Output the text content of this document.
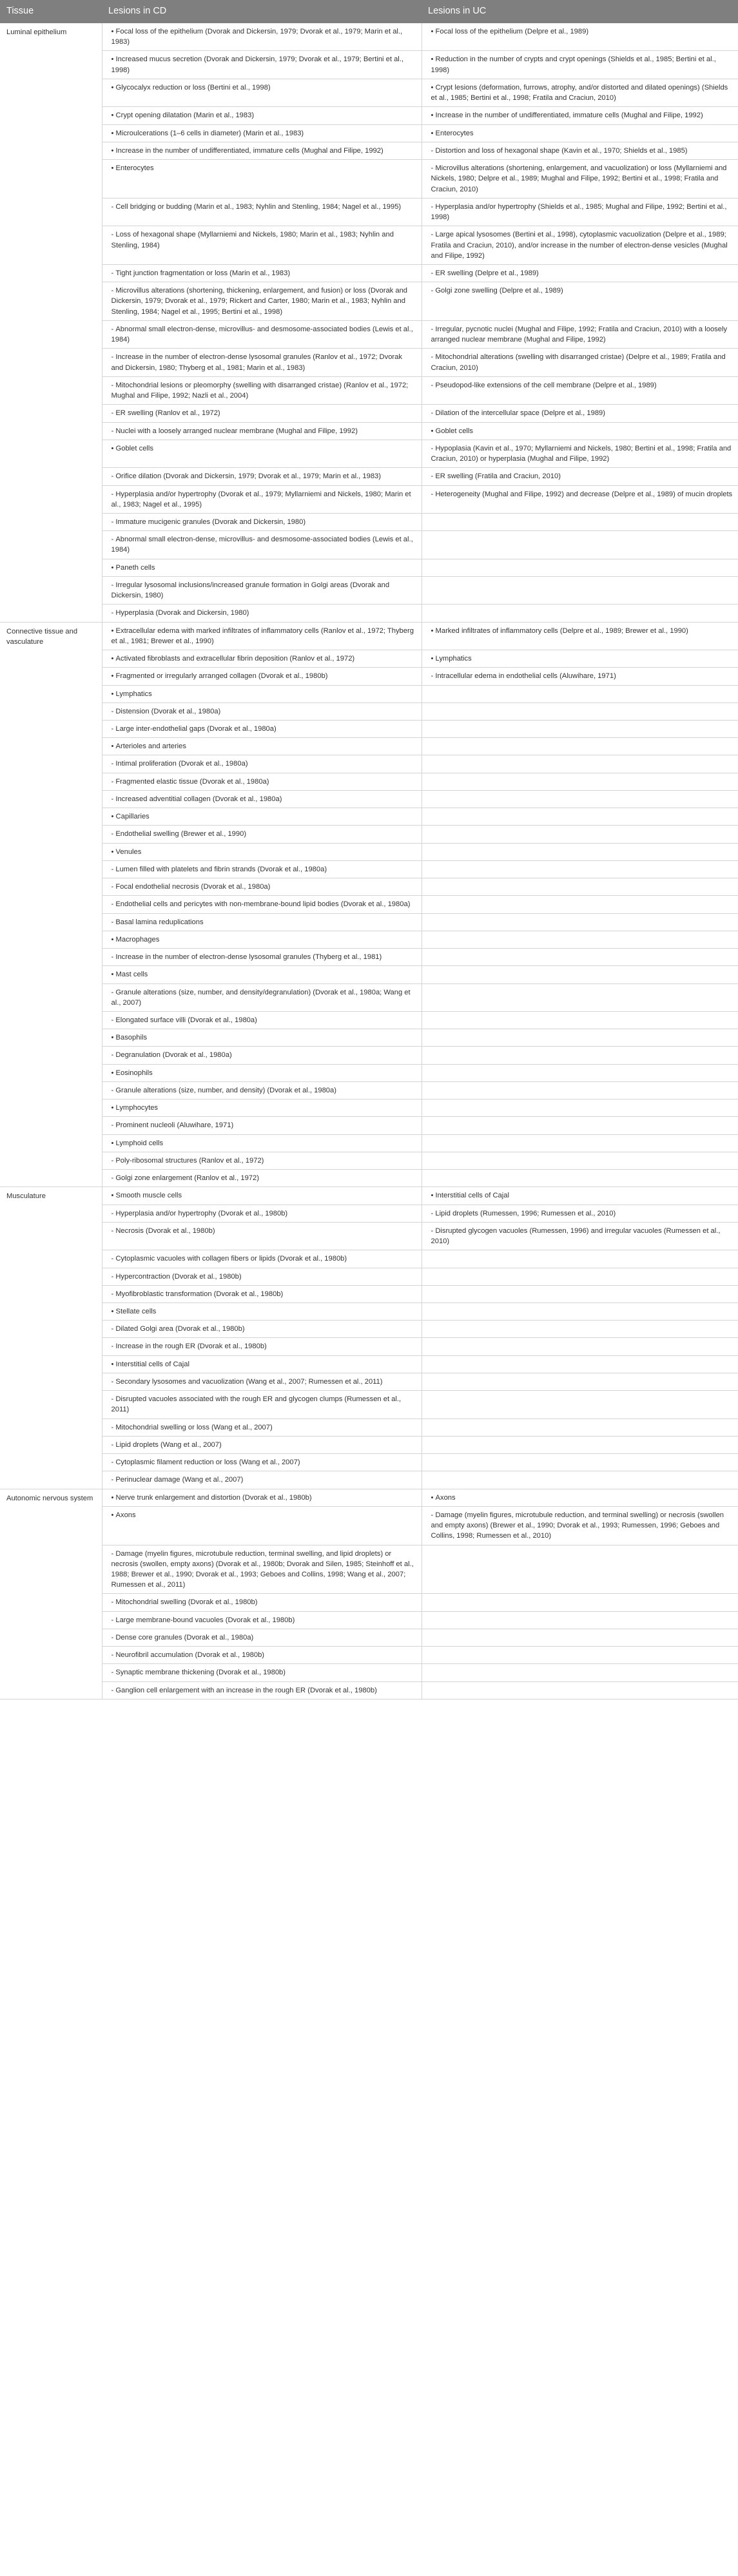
Tissue	Lesions in CD	Lesions in UC
Luminal epithelium	• Focal loss of the epithelium (Dvorak and Dickersin, 1979; Dvorak et al., 1979; Marin et al., 1983)	• Focal loss of the epithelium (Delpre et al., 1989)
	• Increased mucus secretion (Dvorak and Dickersin, 1979; Dvorak et al., 1979; Bertini et al., 1998)	• Reduction in the number of crypts and crypt openings (Shields et al., 1985; Bertini et al., 1998)
	• Glycocalyx reduction or loss (Bertini et al., 1998)	• Crypt lesions (deformation, furrows, atrophy, and/or distorted and dilated openings) (Shields et al., 1985; Bertini et al., 1998; Fratila and Craciun, 2010)
	• Crypt opening dilatation (Marin et al., 1983)	• Increase in the number of undifferentiated, immature cells (Mughal and Filipe, 1992)
	• Microulcerations (1–6 cells in diameter) (Marin et al., 1983)	• Enterocytes
	• Increase in the number of undifferentiated, immature cells (Mughal and Filipe, 1992)	- Distortion and loss of hexagonal shape (Kavin et al., 1970; Shields et al., 1985)
	• Enterocytes	- Microvillus alterations (shortening, enlargement, and vacuolization) or loss (Myllarniemi and Nickels, 1980; Delpre et al., 1989; Mughal and Filipe, 1992; Bertini et al., 1998; Fratila and Craciun, 2010)
	- Cell bridging or budding (Marin et al., 1983; Nyhlin and Stenling, 1984; Nagel et al., 1995)	- Hyperplasia and/or hypertrophy (Shields et al., 1985; Mughal and Filipe, 1992; Bertini et al., 1998)
	- Loss of hexagonal shape (Myllarniemi and Nickels, 1980; Marin et al., 1983; Nyhlin and Stenling, 1984)	- Large apical lysosomes (Bertini et al., 1998), cytoplasmic vacuolization (Delpre et al., 1989; Fratila and Craciun, 2010), and/or increase in the number of electron-dense vesicles (Mughal and Filipe, 1992)
	- Tight junction fragmentation or loss (Marin et al., 1983)	- ER swelling (Delpre et al., 1989)
	- Microvillus alterations (shortening, thickening, enlargement, and fusion) or loss (Dvorak and Dickersin, 1979; Dvorak et al., 1979; Rickert and Carter, 1980; Marin et al., 1983; Nyhlin and Stenling, 1984; Nagel et al., 1995; Bertini et al., 1998)	- Golgi zone swelling (Delpre et al., 1989)
	- Abnormal small electron-dense, microvillus- and desmosome-associated bodies (Lewis et al., 1984)	- Irregular, pycnotic nuclei (Mughal and Filipe, 1992; Fratila and Craciun, 2010) with a loosely arranged nuclear membrane (Mughal and Filipe, 1992)
	- Increase in the number of electron-dense lysosomal granules (Ranlov et al., 1972; Dvorak and Dickersin, 1980; Thyberg et al., 1981; Marin et al., 1983)	- Mitochondrial alterations (swelling with disarranged cristae) (Delpre et al., 1989; Fratila and Craciun, 2010)
	- Mitochondrial lesions or pleomorphy (swelling with disarranged cristae) (Ranlov et al., 1972; Mughal and Filipe, 1992; Nazli et al., 2004)	- Pseudopod-like extensions of the cell membrane (Delpre et al., 1989)
	- ER swelling (Ranlov et al., 1972)	- Dilation of the intercellular space (Delpre et al., 1989)
	- Nuclei with a loosely arranged nuclear membrane (Mughal and Filipe, 1992)	• Goblet cells
	• Goblet cells	- Hypoplasia (Kavin et al., 1970; Myllarniemi and Nickels, 1980; Bertini et al., 1998; Fratila and Craciun, 2010) or hyperplasia (Mughal and Filipe, 1992)
	- Orifice dilation (Dvorak and Dickersin, 1979; Dvorak et al., 1979; Marin et al., 1983)	- ER swelling (Fratila and Craciun, 2010)
	- Hyperplasia and/or hypertrophy (Dvorak et al., 1979; Myllarniemi and Nickels, 1980; Marin et al., 1983; Nagel et al., 1995)	- Heterogeneity (Mughal and Filipe, 1992) and decrease (Delpre et al., 1989) of mucin droplets
	- Immature mucigenic granules (Dvorak and Dickersin, 1980)	
	- Abnormal small electron-dense, microvillus- and desmosome-associated bodies (Lewis et al., 1984)	
	• Paneth cells	
	- Irregular lysosomal inclusions/increased granule formation in Golgi areas (Dvorak and Dickersin, 1980)	
	- Hyperplasia (Dvorak and Dickersin, 1980)	
Connective tissue and vasculature	• Extracellular edema with marked infiltrates of inflammatory cells (Ranlov et al., 1972; Thyberg et al., 1981; Brewer et al., 1990)	• Marked infiltrates of inflammatory cells (Delpre et al., 1989; Brewer et al., 1990)
	• Activated fibroblasts and extracellular fibrin deposition (Ranlov et al., 1972)	• Lymphatics
	• Fragmented or irregularly arranged collagen (Dvorak et al., 1980b)	- Intracellular edema in endothelial cells (Aluwihare, 1971)
	• Lymphatics	
	- Distension (Dvorak et al., 1980a)	
	- Large inter-endothelial gaps (Dvorak et al., 1980a)	
	• Arterioles and arteries	
	- Intimal proliferation (Dvorak et al., 1980a)	
	- Fragmented elastic tissue (Dvorak et al., 1980a)	
	- Increased adventitial collagen (Dvorak et al., 1980a)	
	• Capillaries	
	- Endothelial swelling (Brewer et al., 1990)	
	• Venules	
	- Lumen filled with platelets and fibrin strands (Dvorak et al., 1980a)	
	- Focal endothelial necrosis (Dvorak et al., 1980a)	
	- Endothelial cells and pericytes with non-membrane-bound lipid bodies (Dvorak et al., 1980a)	
	- Basal lamina reduplications	
	• Macrophages	
	- Increase in the number of electron-dense lysosomal granules (Thyberg et al., 1981)	
	• Mast cells	
	- Granule alterations (size, number, and density/degranulation) (Dvorak et al., 1980a; Wang et al., 2007)	
	- Elongated surface villi (Dvorak et al., 1980a)	
	• Basophils	
	- Degranulation (Dvorak et al., 1980a)	
	• Eosinophils	
	- Granule alterations (size, number, and density) (Dvorak et al., 1980a)	
	• Lymphocytes	
	- Prominent nucleoli (Aluwihare, 1971)	
	• Lymphoid cells	
	- Poly-ribosomal structures (Ranlov et al., 1972)	
	- Golgi zone enlargement (Ranlov et al., 1972)	
Musculature	• Smooth muscle cells	• Interstitial cells of Cajal
	- Hyperplasia and/or hypertrophy (Dvorak et al., 1980b)	- Lipid droplets (Rumessen, 1996; Rumessen et al., 2010)
	- Necrosis (Dvorak et al., 1980b)	- Disrupted glycogen vacuoles (Rumessen, 1996) and irregular vacuoles (Rumessen et al., 2010)
	- Cytoplasmic vacuoles with collagen fibers or lipids (Dvorak et al., 1980b)	
	- Hypercontraction (Dvorak et al., 1980b)	
	- Myofibroblastic transformation (Dvorak et al., 1980b)	
	• Stellate cells	
	- Dilated Golgi area (Dvorak et al., 1980b)	
	- Increase in the rough ER (Dvorak et al., 1980b)	
	• Interstitial cells of Cajal	
	- Secondary lysosomes and vacuolization (Wang et al., 2007; Rumessen et al., 2011)	
	- Disrupted vacuoles associated with the rough ER and glycogen clumps (Rumessen et al., 2011)	
	- Mitochondrial swelling or loss (Wang et al., 2007)	
	- Lipid droplets (Wang et al., 2007)	
	- Cytoplasmic filament reduction or loss (Wang et al., 2007)	
	- Perinuclear damage (Wang et al., 2007)	
Autonomic nervous system	• Nerve trunk enlargement and distortion (Dvorak et al., 1980b)	• Axons
	• Axons	- Damage (myelin figures, microtubule reduction, and terminal swelling) or necrosis (swollen and empty axons) (Brewer et al., 1990; Dvorak et al., 1993; Rumessen, 1996; Geboes and Collins, 1998; Rumessen et al., 2010)
	- Damage (myelin figures, microtubule reduction, terminal swelling, and lipid droplets) or necrosis (swollen, empty axons) (Dvorak et al., 1980b; Dvorak and Silen, 1985; Steinhoff et al., 1988; Brewer et al., 1990; Dvorak et al., 1993; Geboes and Collins, 1998; Wang et al., 2007; Rumessen et al., 2011)	
	- Mitochondrial swelling (Dvorak et al., 1980b)	
	- Large membrane-bound vacuoles (Dvorak et al., 1980b)	
	- Dense core granules (Dvorak et al., 1980a)	
	- Neurofibril accumulation (Dvorak et al., 1980b)	
	- Synaptic membrane thickening (Dvorak et al., 1980b)	
	- Ganglion cell enlargement with an increase in the rough ER (Dvorak et al., 1980b)	
